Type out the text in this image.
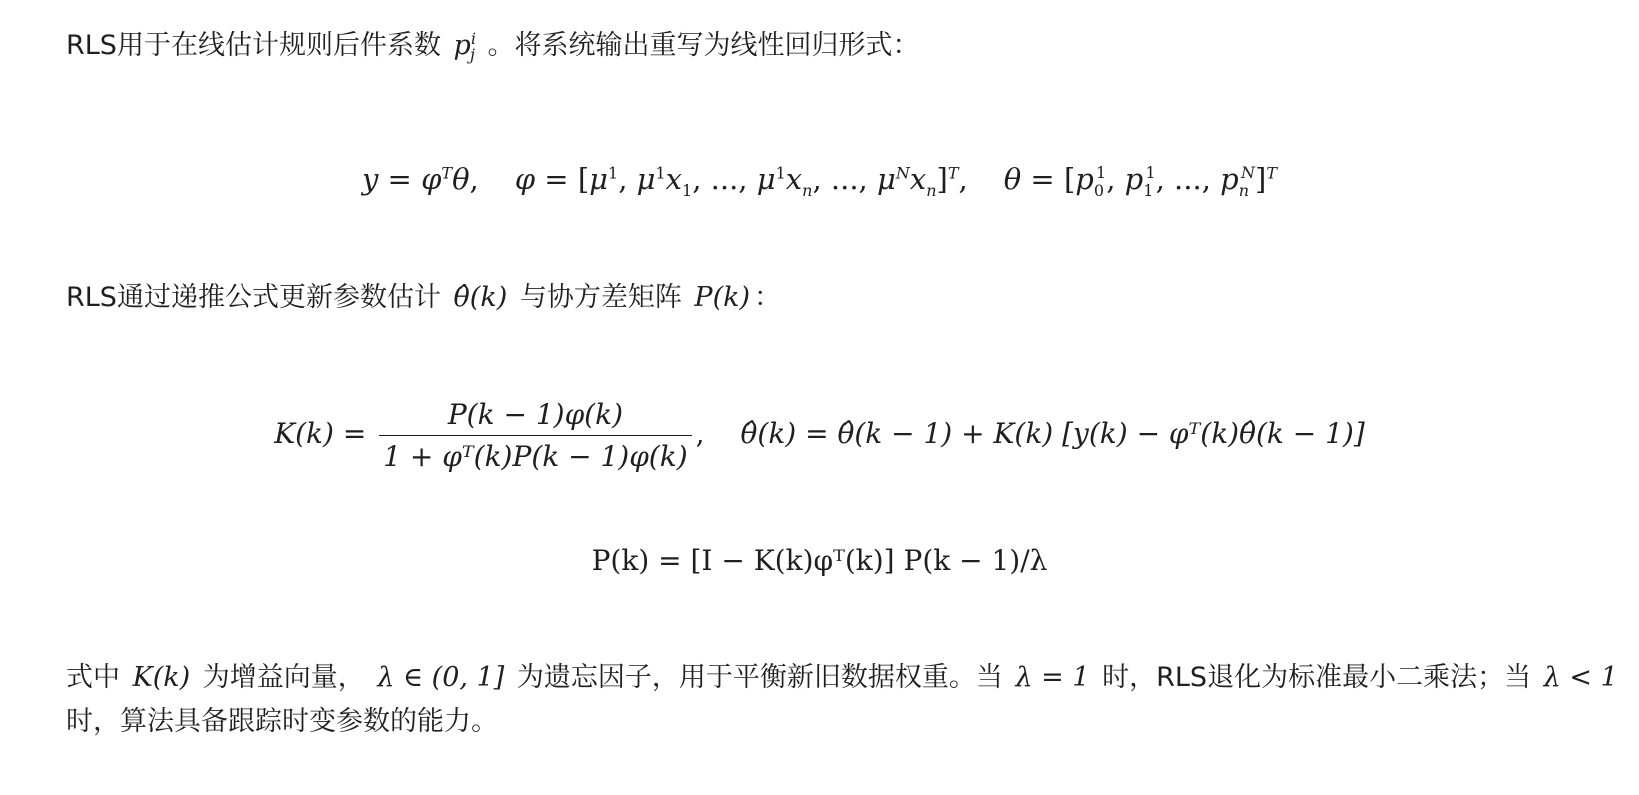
RLS用于在线估计规则后件系数 $p^i_j$ 。将系统输出重写为线性回归形式：
$y = \varphi^T\theta$, $\varphi = [\mu^1$, $\mu^1x_1$, ..., $\mu^1x_n$, ..., $\mu^Nx_n]^T$, $\theta = [p_0^1$, $p_1^1$, ..., $p_n^N]^T$
RLS通过递推公式更新参数估计 θ̂(k) 与协方差矩阵 P(k) ：
$K(k) = \frac{P(k - 1)\varphi(k)}{\text{1 + φᵀ(k)P(k − 1)φ(k)}}$ , θ̂(k) = θ̂(k − 1) + K(k) [y(k) − φᵀ(k)θ̂(k − 1)]
P(k) = [I − K(k)φᵀ(k)] P(k − 1)/λ
式中 K(k) 为增益向量， λ ∈ (0, 1] 为遗忘因子，用于平衡新旧数据权重。当 λ = 1 时，RLS退化为标准最小二乘法；当 λ < 1 时，算法具备跟踪时变参数的能力。
